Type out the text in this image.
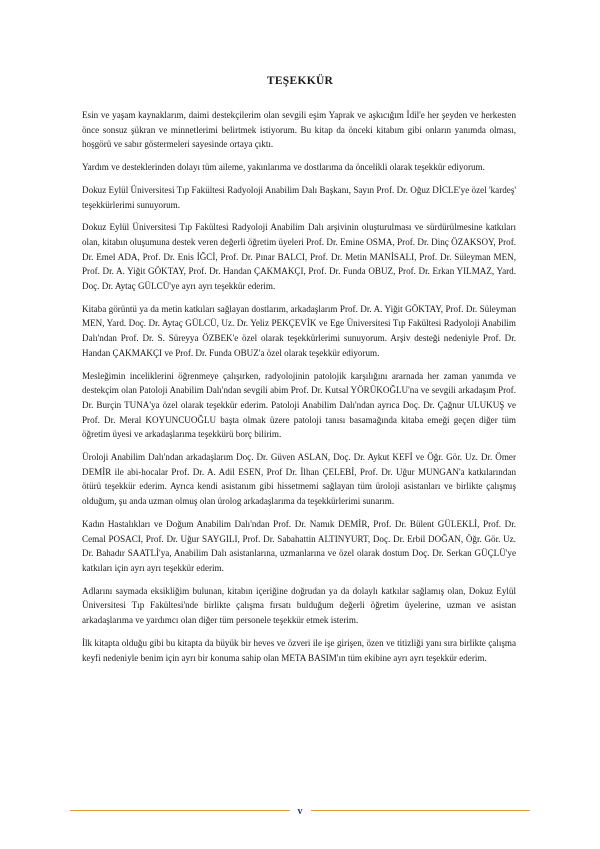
TEŞEKKÜR

Esin ve yaşam kaynaklarım, daimi destekçilerim olan sevgili eşim Yaprak ve aşkıcığım İdil'e her şeyden ve herkesten önce sonsuz şükran ve minnetlerimi belirtmek istiyorum. Bu kitap da önceki kitabım gibi onların yanımda olması, hoşgörü ve sabır göstermeleri sayesinde ortaya çıktı.

Yardım ve desteklerinden dolayı tüm aileme, yakınlarıma ve dostlarıma da öncelikli olarak teşekkür ediyorum.

Dokuz Eylül Üniversitesi Tıp Fakültesi Radyoloji Anabilim Dalı Başkanı, Sayın Prof. Dr. Oğuz DİCLE'ye özel 'kardeş' teşekkürlerimi sunuyorum.

Dokuz Eylül Üniversitesi Tıp Fakültesi Radyoloji Anabilim Dalı arşivinin oluşturulması ve sürdürülmesine katkıları olan, kitabın oluşumuna destek veren değerli öğretim üyeleri Prof. Dr. Emine OSMA, Prof. Dr. Dinç ÖZAKSOY, Prof. Dr. Emel ADA, Prof. Dr. Enis İĞCİ, Prof. Dr. Pınar BALCI, Prof. Dr. Metin MANİSALI, Prof. Dr. Süleyman MEN, Prof. Dr. A. Yiğit GÖKTAY, Prof. Dr. Handan ÇAKMAKÇI, Prof. Dr. Funda OBUZ, Prof. Dr. Erkan YILMAZ, Yard. Doç. Dr. Aytaç GÜLCÜ'ye ayrı ayrı teşekkür ederim.

Kitaba görüntü ya da metin katkıları sağlayan dostlarım, arkadaşlarım Prof. Dr. A. Yiğit GÖKTAY, Prof. Dr. Süleyman MEN, Yard. Doç. Dr. Aytaç GÜLCÜ, Uz. Dr. Yeliz PEKÇEVİK ve Ege Üniversitesi Tıp Fakültesi Radyoloji Anabilim Dalı'ndan Prof. Dr. S. Süreyya ÖZBEK'e özel olarak teşekkürlerimi sunuyorum. Arşiv desteği nedeniyle Prof. Dr. Handan ÇAKMAKÇI ve Prof. Dr. Funda OBUZ'a özel olarak teşekkür ediyorum.

Mesleğimin inceliklerini öğrenmeye çalışırken, radyolojinin patolojik karşılığını ararnada her zaman yanımda ve destekçim olan Patoloji Anabilim Dalı'ndan sevgili abim Prof. Dr. Kutsal YÖRÜKOĞLU'na ve sevgili arkadaşım Prof. Dr. Burçin TUNA'ya özel olarak teşekkür ederim. Patoloji Anabilim Dalı'ndan ayrıca Doç. Dr. Çağnur ULUKUŞ ve Prof. Dr. Meral KOYUNCUOĞLU başta olmak üzere patoloji tanısı basamağında kitaba emeği geçen diğer tüm öğretim üyesi ve arkadaşlarıma teşekkürü borç bilirim.

Üroloji Anabilim Dalı'ndan arkadaşlarım Doç. Dr. Güven ASLAN, Doç. Dr. Aykut KEFİ ve Öğr. Gör. Uz. Dr. Ömer DEMİR ile abi-hocalar Prof. Dr. A. Adil ESEN, Prof Dr. İlhan ÇELEBİ, Prof. Dr. Uğur MUNGAN'a katkılarından ötürü teşekkür ederim. Ayrıca kendi asistanım gibi hissetmemi sağlayan tüm üroloji asistanları ve birlikte çalışmış olduğum, şu anda uzman olmuş olan ürolog arkadaşlarıma da teşekkürlerimi sunarım.

Kadın Hastalıkları ve Doğum Anabilim Dalı'ndan Prof. Dr. Namık DEMİR, Prof. Dr. Bülent GÜLEKLİ, Prof. Dr. Cemal POSACI, Prof. Dr. Uğur SAYGILI, Prof. Dr. Sabahattin ALTINYURT, Doç. Dr. Erbil DOĞAN, Öğr. Gör. Uz. Dr. Bahadır SAATLİ'ya, Anabilim Dalı asistanlarına, uzmanlarına ve özel olarak dostum Doç. Dr. Serkan GÜÇLÜ'ye katkıları için ayrı ayrı teşekkür ederim.

Adlarını saymada eksikliğim bulunan, kitabın içeriğine doğrudan ya da dolaylı katkılar sağlamış olan, Dokuz Eylül Üniversitesi Tıp Fakültesi'nde birlikte çalışma fırsatı bulduğum değerli öğretim üyelerine, uzman ve asistan arkadaşlarıma ve yardımcı olan diğer tüm personele teşekkür etmek isterim.

İlk kitapta olduğu gibi bu kitapta da büyük bir heves ve özveri ile işe girişen, özen ve titizliği yanı sıra birlikte çalışma keyfi nedeniyle benim için ayrı bir konuma sahip olan META BASIM'ın tüm ekibine ayrı ayrı teşekkür ederim.

v
